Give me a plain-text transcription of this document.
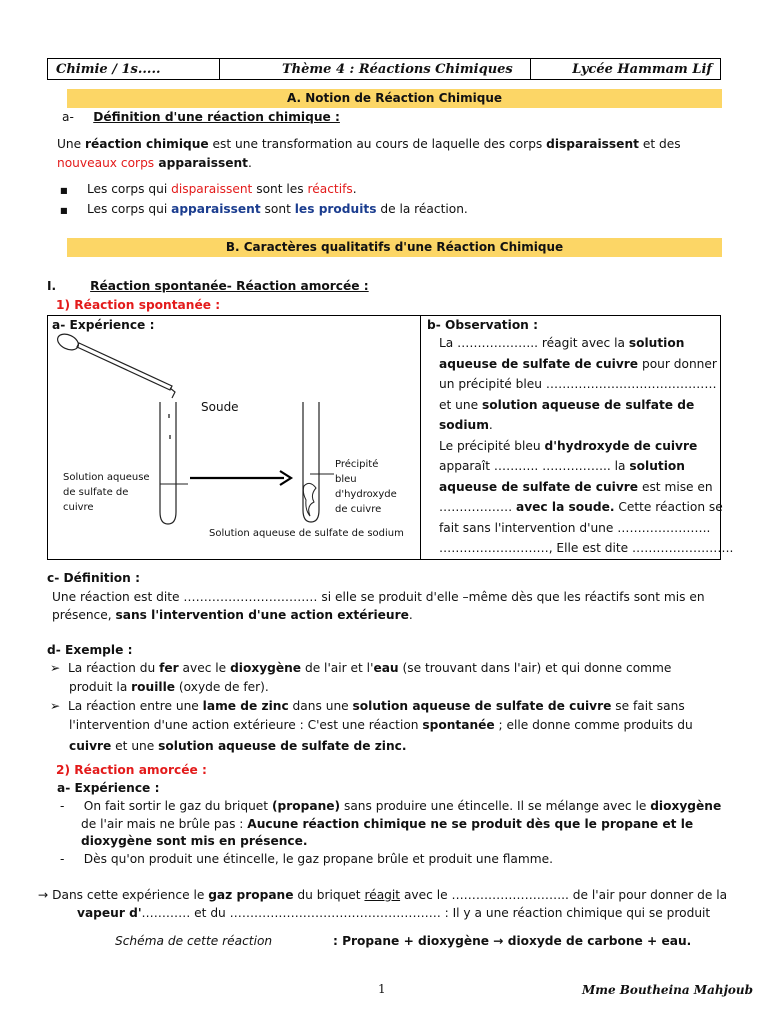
Chimie / 1s.....	Thème 4 : Réactions Chimiques	Lycée Hammam Lif
A. Notion de Réaction Chimique
a- Définition d'une réaction chimique :
Une réaction chimique est une transformation au cours de laquelle des corps disparaissent et des
nouveaux corps apparaissent.
■ Les corps qui disparaissent sont les réactifs.
■ Les corps qui apparaissent sont les produits de la réaction.
B. Caractères qualitatifs d'une Réaction Chimique
I.	Réaction spontanée- Réaction amorcée :
1) Réaction spontanée :
a- Expérience :
Soude
Solution aqueuse
de sulfate de
cuivre
Précipité
bleu
d'hydroxyde
de cuivre
Solution aqueuse de sulfate de sodium
b- Observation :
La ……………….. réagit avec la solution
aqueuse de sulfate de cuivre pour donner
un précipité bleu ……………………………………
et une solution aqueuse de sulfate de
sodium.
Le précipité bleu d'hydroxyde de cuivre
apparaît ……….. …………….. la solution
aqueuse de sulfate de cuivre est mise en
……………… avec la soude. Cette réaction se
fait sans l'intervention d'une …………………..
………………………, Elle est dite …………………….
c- Définition :
Une réaction est dite …………………………… si elle se produit d'elle –même dès que les réactifs sont mis en
présence, sans l'intervention d'une action extérieure.
d- Exemple :
➢ La réaction du fer avec le dioxygène de l'air et l'eau (se trouvant dans l'air) et qui donne comme
produit la rouille (oxyde de fer).
➢ La réaction entre une lame de zinc dans une solution aqueuse de sulfate de cuivre se fait sans
l'intervention d'une action extérieure : C'est une réaction spontanée ; elle donne comme produits du
cuivre et une solution aqueuse de sulfate de zinc.
2) Réaction amorcée :
a- Expérience :
-     On fait sortir le gaz du briquet (propane) sans produire une étincelle. Il se mélange avec le dioxygène
de l'air mais ne brûle pas : Aucune réaction chimique ne se produit dès que le propane et le
dioxygène sont mis en présence.
-     Dès qu'on produit une étincelle, le gaz propane brûle et produit une flamme.
→ Dans cette expérience le gaz propane du briquet réagit avec le ……………………….. de l'air pour donner de la
vapeur d'………… et du ……………………………………………. : Il y a une réaction chimique qui se produit
Schéma de cette réaction	: Propane + dioxygène → dioxyde de carbone + eau.
1	Mme Boutheina Mahjoub
